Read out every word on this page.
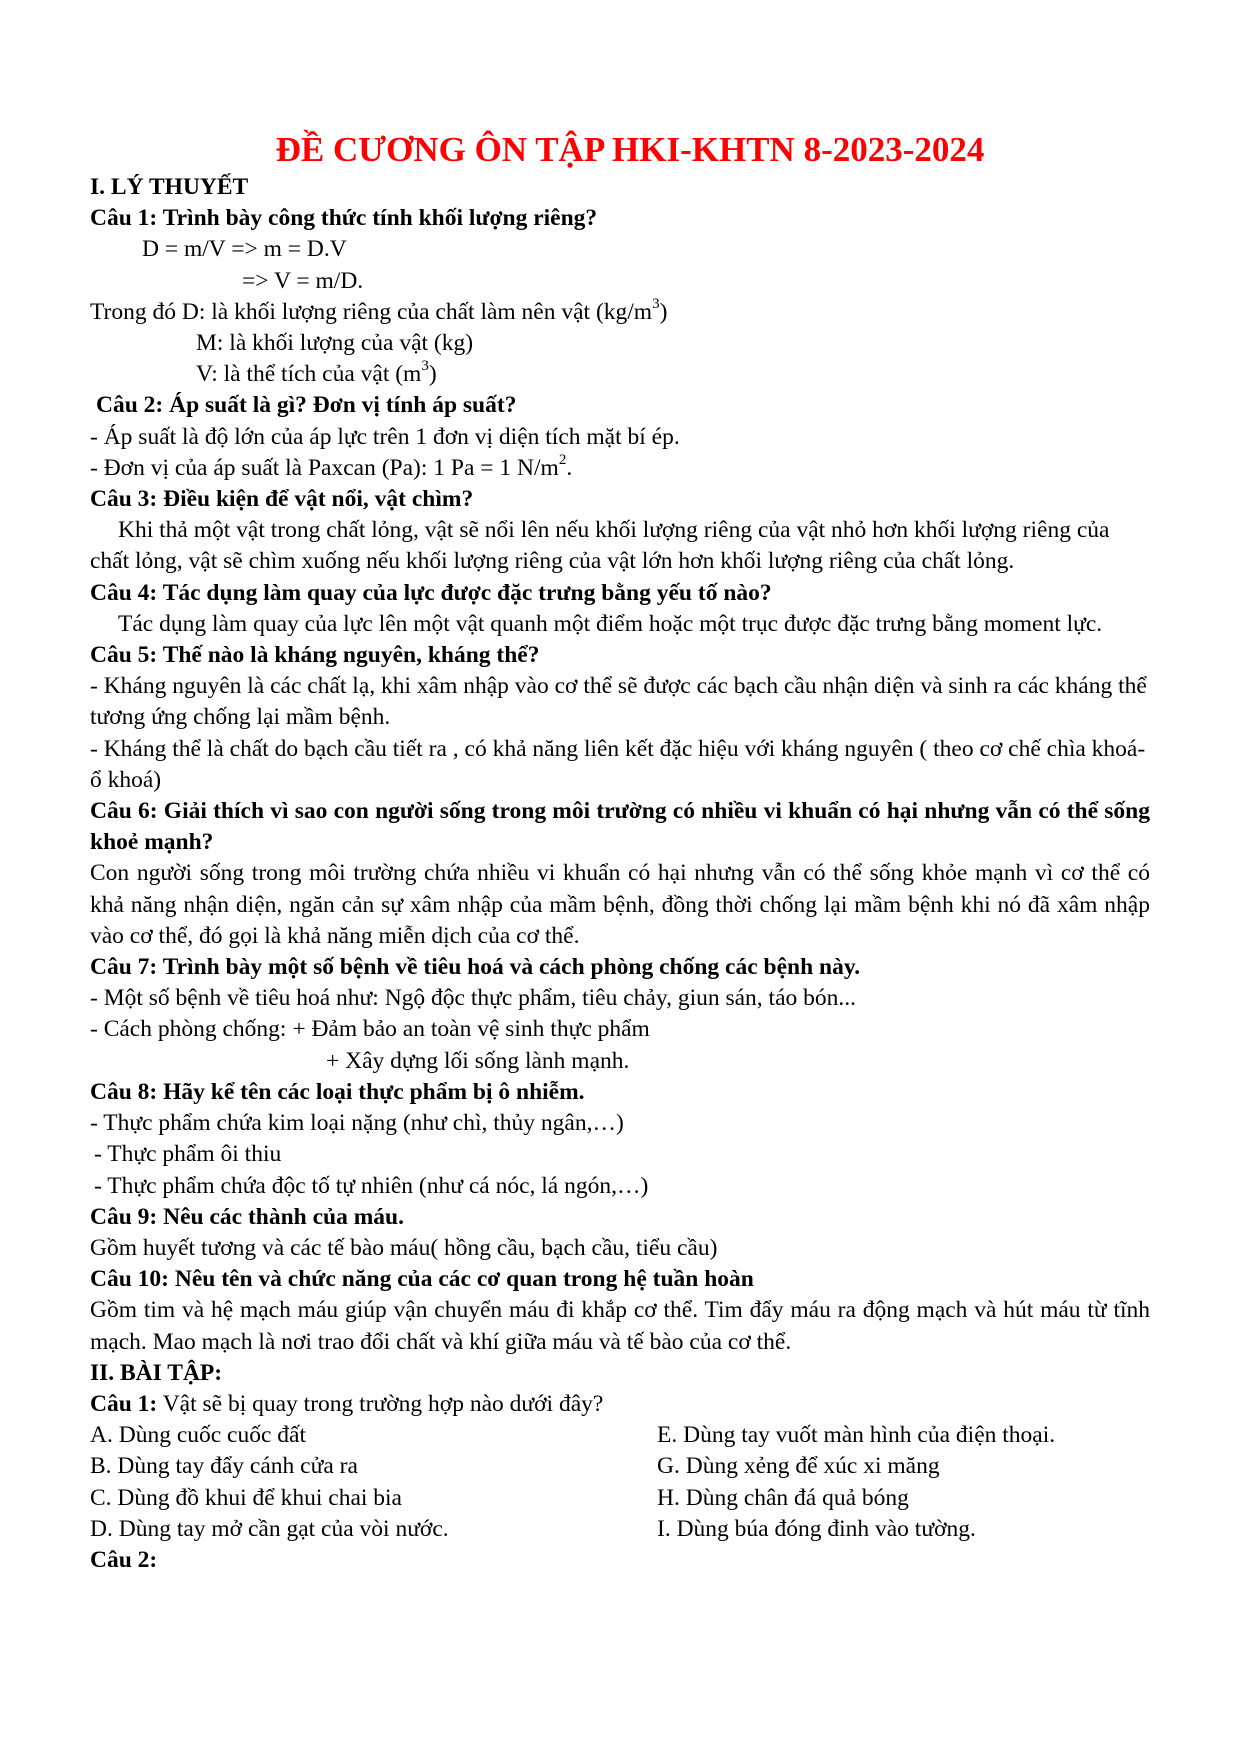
ĐỀ CƯƠNG ÔN TẬP HKI-KHTN 8-2023-2024
I. LÝ THUYẾT
Câu 1: Trình bày công thức tính khối lượng riêng?
D = m/V => m = D.V
=> V = m/D.
Trong đó D: là khối lượng riêng của chất làm nên vật $(kg/m^3)$
M: là khối lượng của vật (kg)
V: là thể tích của vật $(m^3)$
Câu 2: Áp suất là gì? Đơn vị tính áp suất?
- Áp suất là độ lớn của áp lực trên 1 đơn vị diện tích mặt bí ép.
- Đơn vị của áp suất là Paxcan (Pa): 1 Pa = 1 $N/m^2$.
Câu 3: Điều kiện để vật nổi, vật chìm?
Khi thả một vật trong chất lỏng, vật sẽ nổi lên nếu khối lượng riêng của vật nhỏ hơn khối lượng riêng của chất lỏng, vật sẽ chìm xuống nếu khối lượng riêng của vật lớn hơn khối lượng riêng của chất lỏng.
Câu 4: Tác dụng làm quay của lực được đặc trưng bằng yếu tố nào?
Tác dụng làm quay của lực lên một vật quanh một điểm hoặc một trục được đặc trưng bằng moment lực.
Câu 5: Thế nào là kháng nguyên, kháng thể?
- Kháng nguyên là các chất lạ, khi xâm nhập vào cơ thể sẽ được các bạch cầu nhận diện và sinh ra các kháng thể tương ứng chống lại mầm bệnh.
- Kháng thể là chất do bạch cầu tiết ra , có khả năng liên kết đặc hiệu với kháng nguyên ( theo cơ chế chìa khoá- ổ khoá)
Câu 6: Giải thích vì sao con người sống trong môi trường có nhiều vi khuẩn có hại nhưng vẫn có thể sống khoẻ mạnh?
Con người sống trong môi trường chứa nhiều vi khuẩn có hại nhưng vẫn có thể sống khỏe mạnh vì cơ thể có khả năng nhận diện, ngăn cản sự xâm nhập của mầm bệnh, đồng thời chống lại mầm bệnh khi nó đã xâm nhập vào cơ thể, đó gọi là khả năng miễn dịch của cơ thể.
Câu 7: Trình bày một số bệnh về tiêu hoá và cách phòng chống các bệnh này.
- Một số bệnh về tiêu hoá như: Ngộ độc thực phẩm, tiêu chảy, giun sán, táo bón...
- Cách phòng chống: + Đảm bảo an toàn vệ sinh thực phẩm
+ Xây dựng lối sống lành mạnh.
Câu 8: Hãy kể tên các loại thực phẩm bị ô nhiễm.
- Thực phẩm chứa kim loại nặng (như chì, thủy ngân,…)
- Thực phẩm ôi thiu
- Thực phẩm chứa độc tố tự nhiên (như cá nóc, lá ngón,…)
Câu 9: Nêu các thành của máu.
Gồm huyết tương và các tế bào máu( hồng cầu, bạch cầu, tiểu cầu)
Câu 10: Nêu tên và chức năng của các cơ quan trong hệ tuần hoàn
Gồm tim và hệ mạch máu giúp vận chuyển máu đi khắp cơ thể. Tim đẩy máu ra động mạch và hút máu từ tĩnh mạch. Mao mạch là nơi trao đổi chất và khí giữa máu và tế bào của cơ thể.
II. BÀI TẬP:
Câu 1: Vật sẽ bị quay trong trường hợp nào dưới đây?
A. Dùng cuốc cuốc đất	E. Dùng tay vuốt màn hình của điện thoại.
B. Dùng tay đẩy cánh cửa ra	G. Dùng xẻng để xúc xi măng
C. Dùng đồ khui để khui chai bia	H. Dùng chân đá quả bóng
D. Dùng tay mở cần gạt của vòi nước.	I. Dùng búa đóng đinh vào tường.
Câu 2:
